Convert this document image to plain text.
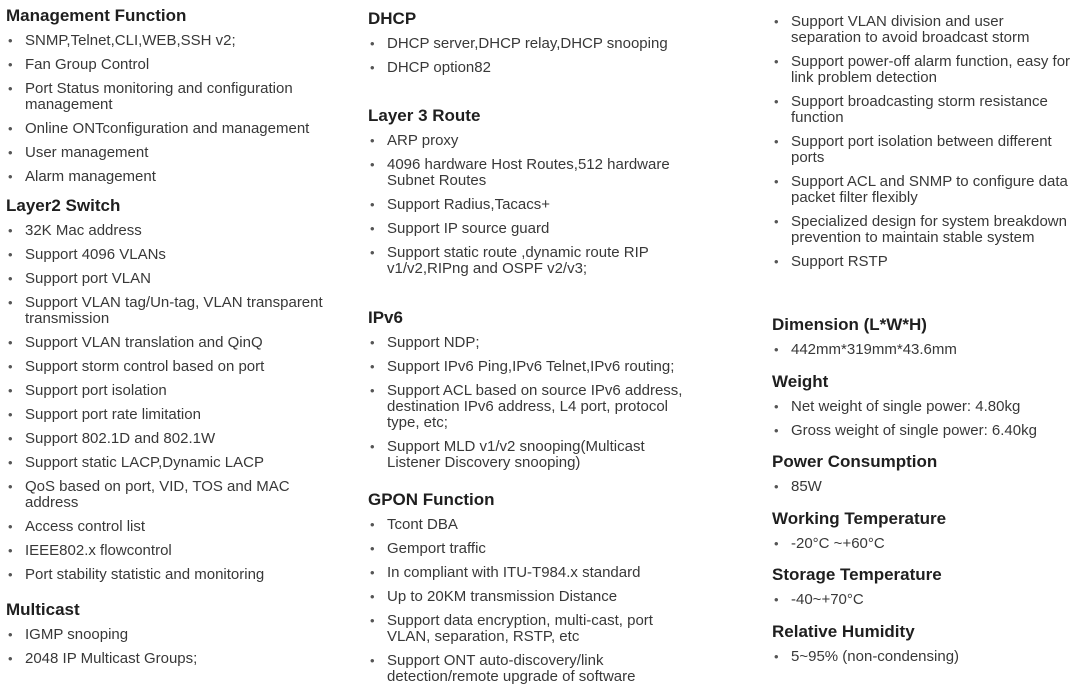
Management Function
• SNMP,Telnet,CLI,WEB,SSH v2;
• Fan Group Control
• Port Status monitoring and configuration management
• Online ONTconfiguration and management
• User management
• Alarm management
Layer2 Switch
• 32K Mac address
• Support 4096 VLANs
• Support port VLAN
• Support VLAN tag/Un-tag, VLAN transparent transmission
• Support VLAN translation and QinQ
• Support storm control based on port
• Support port isolation
• Support port rate limitation
• Support 802.1D and 802.1W
• Support static LACP,Dynamic LACP
• QoS based on port, VID, TOS and MAC address
• Access control list
• IEEE802.x flowcontrol
• Port stability statistic and monitoring
Multicast
• IGMP snooping
• 2048 IP Multicast Groups;
DHCP
• DHCP server,DHCP relay,DHCP snooping
• DHCP option82
Layer 3 Route
• ARP proxy
• 4096 hardware Host Routes,512 hardware Subnet Routes
• Support Radius,Tacacs+
• Support IP source guard
• Support static route ,dynamic route RIP v1/v2,RIPng and OSPF v2/v3;
IPv6
• Support NDP;
• Support IPv6 Ping,IPv6 Telnet,IPv6 routing;
• Support ACL based on source IPv6 address, destination IPv6 address, L4 port, protocol type, etc;
• Support MLD v1/v2 snooping(Multicast Listener Discovery snooping)
GPON Function
• Tcont DBA
• Gemport traffic
• In compliant with ITU-T984.x standard
• Up to 20KM transmission Distance
• Support data encryption, multi-cast, port VLAN, separation, RSTP, etc
• Support ONT auto-discovery/link detection/remote upgrade of software
• Support VLAN division and user separation to avoid broadcast storm
• Support power-off alarm function, easy for link problem detection
• Support broadcasting storm resistance function
• Support port isolation between different ports
• Support ACL and SNMP to configure data packet filter flexibly
• Specialized design for system breakdown prevention to maintain stable system
• Support RSTP
Dimension (L*W*H)
• 442mm*319mm*43.6mm
Weight
• Net weight of single power: 4.80kg
• Gross weight of single power: 6.40kg
Power Consumption
• 85W
Working Temperature
• -20°C ~+60°C
Storage Temperature
• -40~+70°C
Relative Humidity
• 5~95% (non-condensing)
